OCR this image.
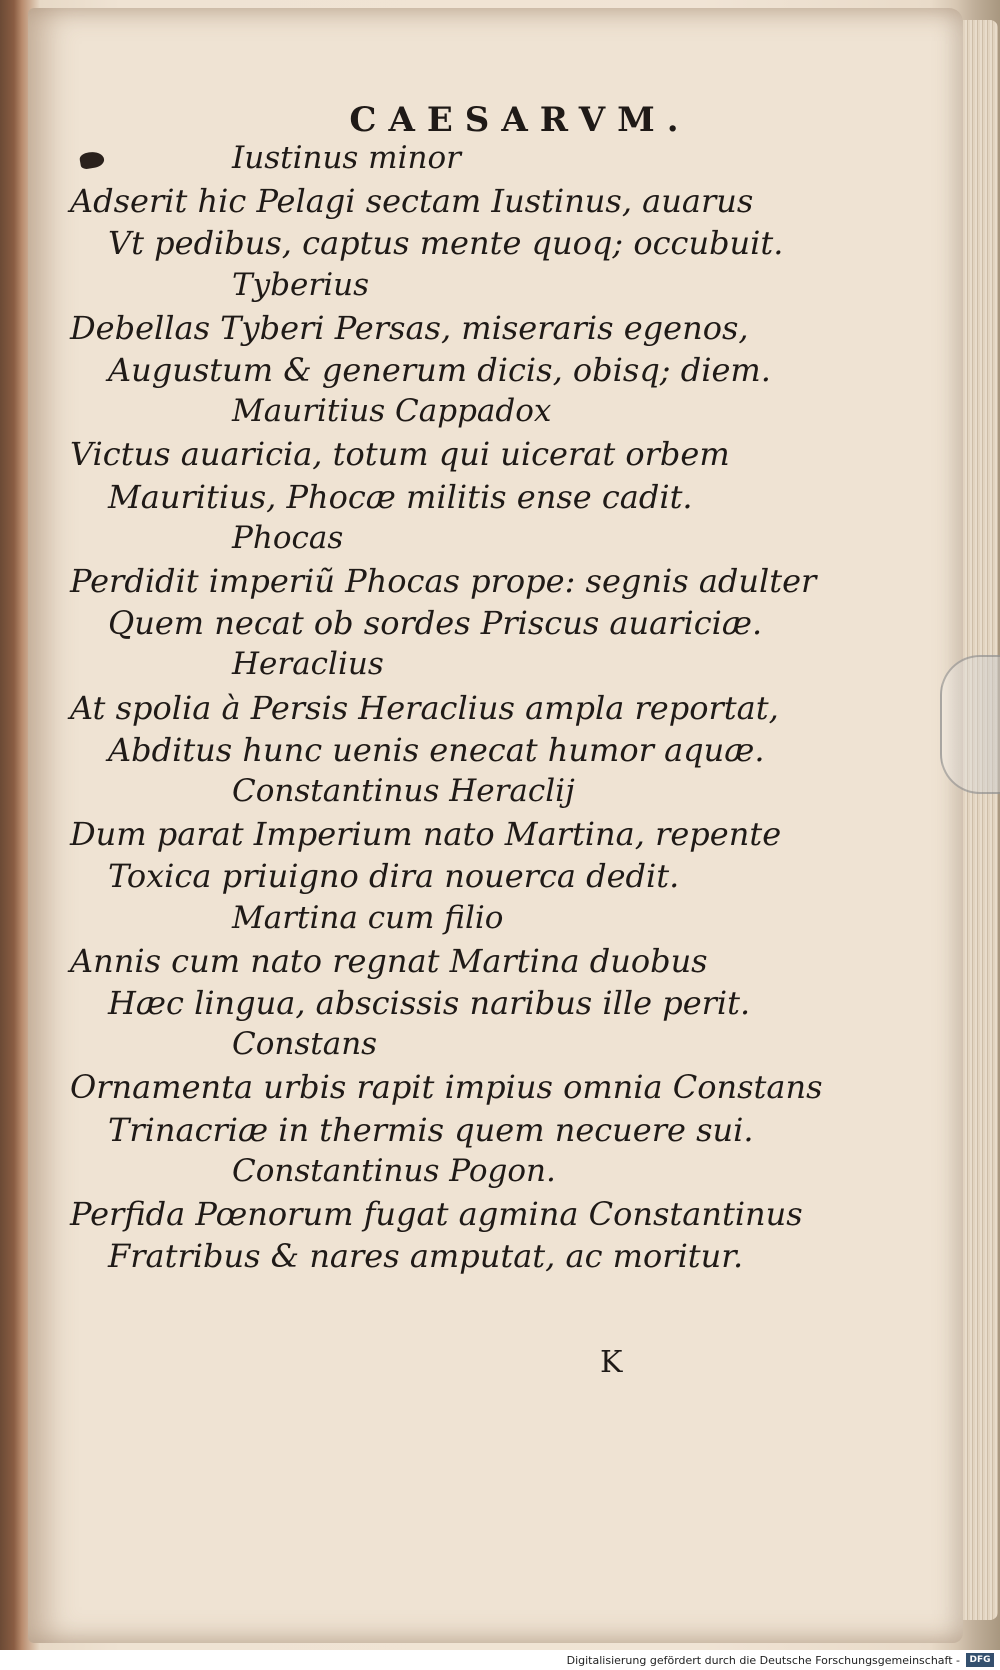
CAESARVM.
Iustinus minor
Adserit hic Pelagi sectam Iustinus, auarus
Vt pedibus, captus mente quoq; occubuit.
Tyberius
Debellas Tyberi Persas, miseraris egenos,
Augustum & generum dicis, obisq; diem.
Mauritius Cappadox
Victus auaricia, totum qui uicerat orbem
Mauritius, Phocæ militis ense cadit.
Phocas
Perdidit imperiũ Phocas prope: segnis adulter
Quem necat ob sordes Priscus auariciæ.
Heraclius
At spolia à Persis Heraclius ampla reportat,
Abditus hunc uenis enecat humor aquæ.
Constantinus Heraclij
Dum parat Imperium nato Martina, repente
Toxica priuigno dira nouerca dedit.
Martina cum filio
Annis cum nato regnat Martina duobus
Hæc lingua, abscissis naribus ille perit.
Constans
Ornamenta urbis rapit impius omnia Constans
Trinacriæ in thermis quem necuere sui.
Constantinus Pogon.
Perfida Pœnorum fugat agmina Constantinus
Fratribus & nares amputat, ac moritur.
K
Digitalisierung gefördert durch die Deutsche Forschungsgemeinschaft -	DFG
